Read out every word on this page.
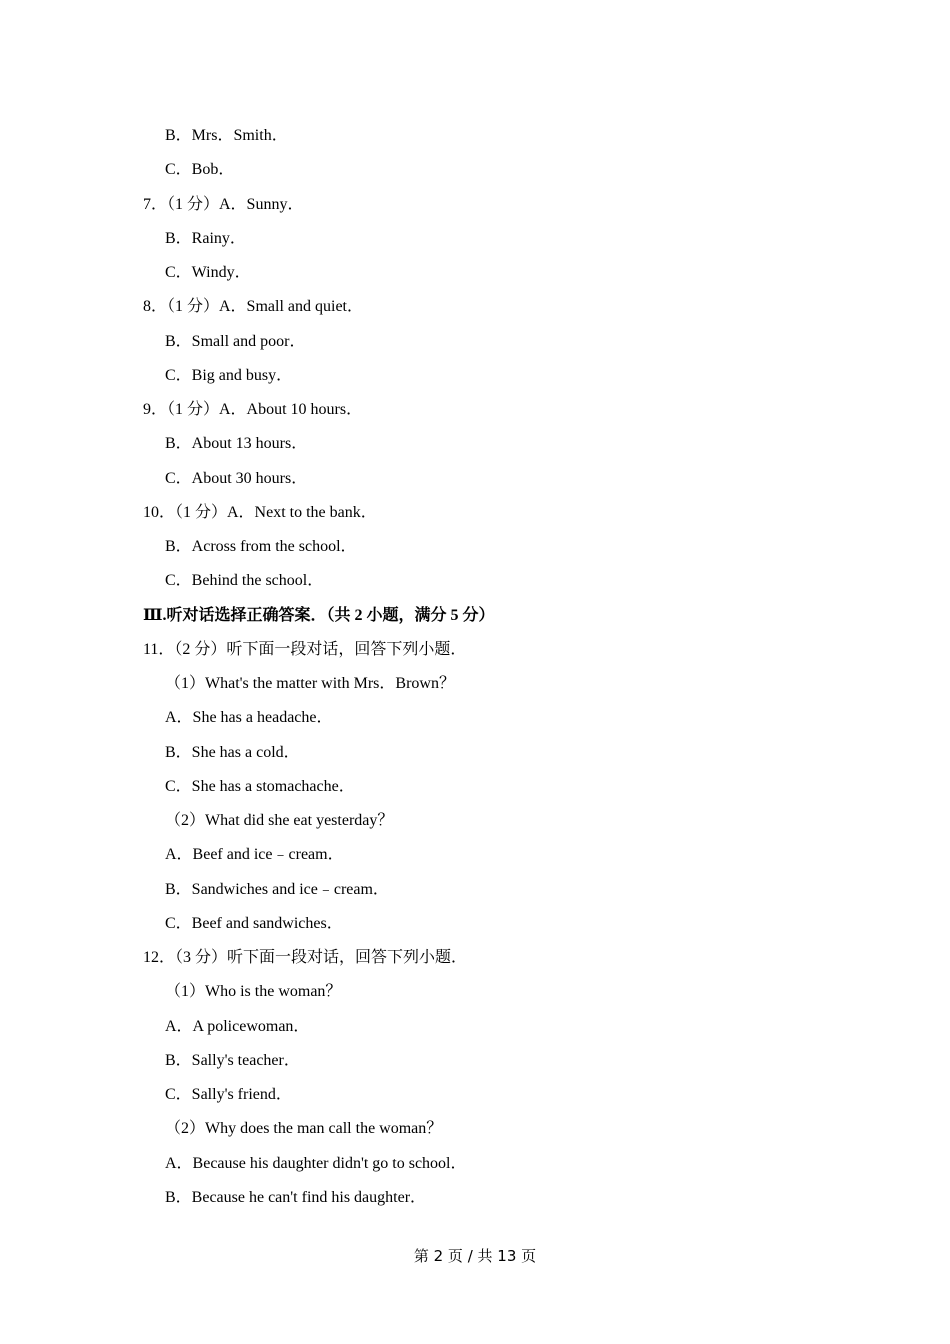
B．Mrs．Smith．
C．Bob．
7．（1 分）A．Sunny．
B．Rainy．
C．Windy．
8．（1 分）A．Small and quiet．
B．Small and poor．
C．Big and busy．
9．（1 分）A．About 10 hours．
B．About 13 hours．
C．About 30 hours．
10．（1 分）A．Next to the bank．
B．Across from the school．
C．Behind the school．
Ⅲ.听对话选择正确答案．（共 2 小题，满分 5 分）
11．（2 分）听下面一段对话，回答下列小题．
（1）What's the matter with Mrs．Brown？
A．She has a headache．
B．She has a cold．
C．She has a stomachache．
（2）What did she eat yesterday？
A．Beef and ice﹣cream．
B．Sandwiches and ice﹣cream．
C．Beef and sandwiches．
12．（3 分）听下面一段对话，回答下列小题．
（1）Who is the woman？
A．A policewoman．
B．Sally's teacher．
C．Sally's friend．
（2）Why does the man call the woman？
A．Because his daughter didn't go to school．
B．Because he can't find his daughter．
第 2 页 / 共 13 页
